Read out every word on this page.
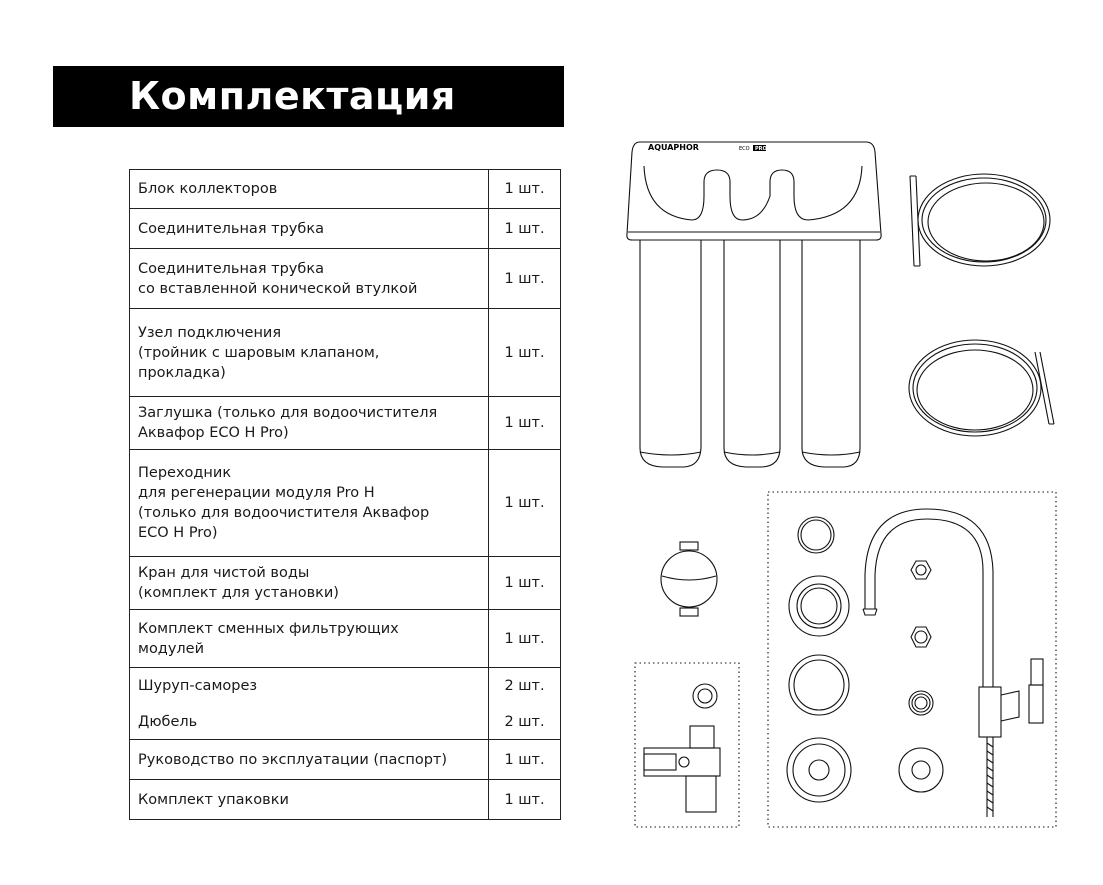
Комплектация
Блок коллекторов	1 шт.
Соединительная трубка	1 шт.
Соединительная трубка
со вставленной конической втулкой	1 шт.
Узел подключения
(тройник с шаровым клапаном,
прокладка)	1 шт.
Заглушка (только для водоочистителя
Аквафор ECO H Pro)	1 шт.
Переходник
для регенерации модуля Pro H
(только для водоочистителя Аквафор
ECO H Pro)	1 шт.
Кран для чистой воды
(комплект для установки)	1 шт.
Комплект сменных фильтрующих
модулей	1 шт.
Шуруп-саморез	2 шт.
Дюбель	2 шт.
Руководство по эксплуатации (паспорт)	1 шт.
Комплект упаковки	1 шт.
AQUAPHOR	ECO PRO
